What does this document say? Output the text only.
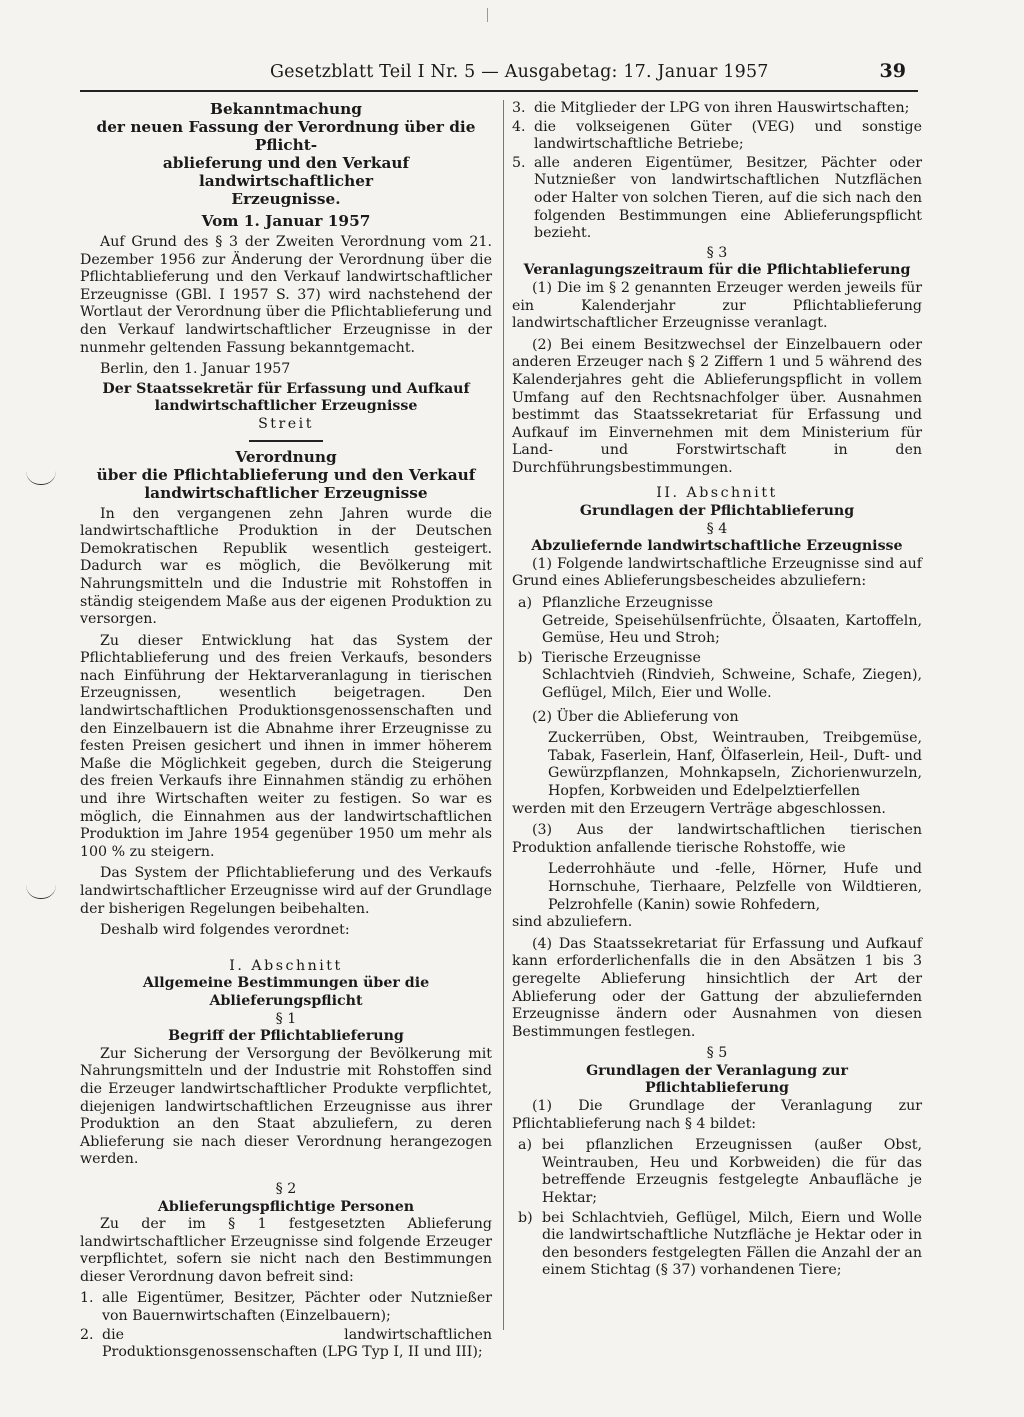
Gesetzblatt Teil I Nr. 5 — Ausgabetag: 17. Januar 1957	39
Bekanntmachung
der neuen Fassung der Verordnung über die Pflicht-
ablieferung und den Verkauf landwirtschaftlicher
Erzeugnisse.
Vom 1. Januar 1957

Auf Grund des § 3 der Zweiten Verordnung vom 21. Dezember 1956 zur Änderung der Verordnung über die Pflichtablieferung und den Verkauf landwirtschaftlicher Erzeugnisse (GBl. I 1957 S. 37) wird nachstehend der Wortlaut der Verordnung über die Pflichtablieferung und den Verkauf landwirtschaftlicher Erzeugnisse in der nunmehr geltenden Fassung bekanntgemacht.

Berlin, den 1. Januar 1957

Der Staatssekretär für Erfassung und Aufkauf
landwirtschaftlicher Erzeugnisse
Streit
Verordnung
über die Pflichtablieferung und den Verkauf
landwirtschaftlicher Erzeugnisse

In den vergangenen zehn Jahren wurde die landwirtschaftliche Produktion in der Deutschen Demokratischen Republik wesentlich gesteigert. Dadurch war es möglich, die Bevölkerung mit Nahrungsmitteln und die Industrie mit Rohstoffen in ständig steigendem Maße aus der eigenen Produktion zu versorgen.

Zu dieser Entwicklung hat das System der Pflichtablieferung und des freien Verkaufs, besonders nach Einführung der Hektarveranlagung in tierischen Erzeugnissen, wesentlich beigetragen. Den landwirtschaftlichen Produktionsgenossenschaften und den Einzelbauern ist die Abnahme ihrer Erzeugnisse zu festen Preisen gesichert und ihnen in immer höherem Maße die Möglichkeit gegeben, durch die Steigerung des freien Verkaufs ihre Einnahmen ständig zu erhöhen und ihre Wirtschaften weiter zu festigen. So war es möglich, die Einnahmen aus der landwirtschaftlichen Produktion im Jahre 1954 gegenüber 1950 um mehr als 100 % zu steigern.

Das System der Pflichtablieferung und des Verkaufs landwirtschaftlicher Erzeugnisse wird auf der Grundlage der bisherigen Regelungen beibehalten.

Deshalb wird folgendes verordnet:

I. Abschnitt
Allgemeine Bestimmungen über die Ablieferungspflicht
§ 1
Begriff der Pflichtablieferung

Zur Sicherung der Versorgung der Bevölkerung mit Nahrungsmitteln und der Industrie mit Rohstoffen sind die Erzeuger landwirtschaftlicher Produkte verpflichtet, diejenigen landwirtschaftlichen Erzeugnisse aus ihrer Produktion an den Staat abzuliefern, zu deren Ablieferung sie nach dieser Verordnung herangezogen werden.

§ 2
Ablieferungspflichtige Personen

Zu der im § 1 festgesetzten Ablieferung landwirtschaftlicher Erzeugnisse sind folgende Erzeuger verpflichtet, sofern sie nicht nach den Bestimmungen dieser Verordnung davon befreit sind:

1. alle Eigentümer, Besitzer, Pächter oder Nutznießer von Bauernwirtschaften (Einzelbauern);
2. die landwirtschaftlichen Produktionsgenossenschaften (LPG Typ I, II und III);
3. die Mitglieder der LPG von ihren Hauswirtschaften;
4. die volkseigenen Güter (VEG) und sonstige landwirtschaftliche Betriebe;
5. alle anderen Eigentümer, Besitzer, Pächter oder Nutznießer von landwirtschaftlichen Nutzflächen oder Halter von solchen Tieren, auf die sich nach den folgenden Bestimmungen eine Ablieferungspflicht bezieht.
§ 3
Veranlagungszeitraum für die Pflichtablieferung

(1) Die im § 2 genannten Erzeuger werden jeweils für ein Kalenderjahr zur Pflichtablieferung landwirtschaftlicher Erzeugnisse veranlagt.

(2) Bei einem Besitzwechsel der Einzelbauern oder anderen Erzeuger nach § 2 Ziffern 1 und 5 während des Kalenderjahres geht die Ablieferungspflicht in vollem Umfang auf den Rechtsnachfolger über. Ausnahmen bestimmt das Staatssekretariat für Erfassung und Aufkauf im Einvernehmen mit dem Ministerium für Land- und Forstwirtschaft in den Durchführungsbestimmungen.

II. Abschnitt
Grundlagen der Pflichtablieferung
§ 4
Abzuliefernde landwirtschaftliche Erzeugnisse

(1) Folgende landwirtschaftliche Erzeugnisse sind auf Grund eines Ablieferungsbescheides abzuliefern:

a) Pflanzliche Erzeugnisse
Getreide, Speisehülsenfrüchte, Ölsaaten, Kartoffeln, Gemüse, Heu und Stroh;
b) Tierische Erzeugnisse
Schlachtvieh (Rindvieh, Schweine, Schafe, Ziegen), Geflügel, Milch, Eier und Wolle.

(2) Über die Ablieferung von

Zuckerrüben, Obst, Weintrauben, Treibgemüse, Tabak, Faserlein, Hanf, Ölfaserlein, Heil-, Duft- und Gewürzpflanzen, Mohnkapseln, Zichorienwurzeln, Hopfen, Korbweiden und Edelpelztierfellen

werden mit den Erzeugern Verträge abgeschlossen.

(3) Aus der landwirtschaftlichen tierischen Produktion anfallende tierische Rohstoffe, wie

Lederrohhäute und -felle, Hörner, Hufe und Hornschuhe, Tierhaare, Pelzfelle von Wildtieren, Pelzrohfelle (Kanin) sowie Rohfedern,

sind abzuliefern.

(4) Das Staatssekretariat für Erfassung und Aufkauf kann erforderlichenfalls die in den Absätzen 1 bis 3 geregelte Ablieferung hinsichtlich der Art der Ablieferung oder der Gattung der abzuliefernden Erzeugnisse ändern oder Ausnahmen von diesen Bestimmungen festlegen.

§ 5
Grundlagen der Veranlagung zur Pflichtablieferung

(1) Die Grundlage der Veranlagung zur Pflichtablieferung nach § 4 bildet:

a) bei pflanzlichen Erzeugnissen (außer Obst, Weintrauben, Heu und Korbweiden) die für das betreffende Erzeugnis festgelegte Anbaufläche je Hektar;
b) bei Schlachtvieh, Geflügel, Milch, Eiern und Wolle die landwirtschaftliche Nutzfläche je Hektar oder in den besonders festgelegten Fällen die Anzahl der an einem Stichtag (§ 37) vorhandenen Tiere;
